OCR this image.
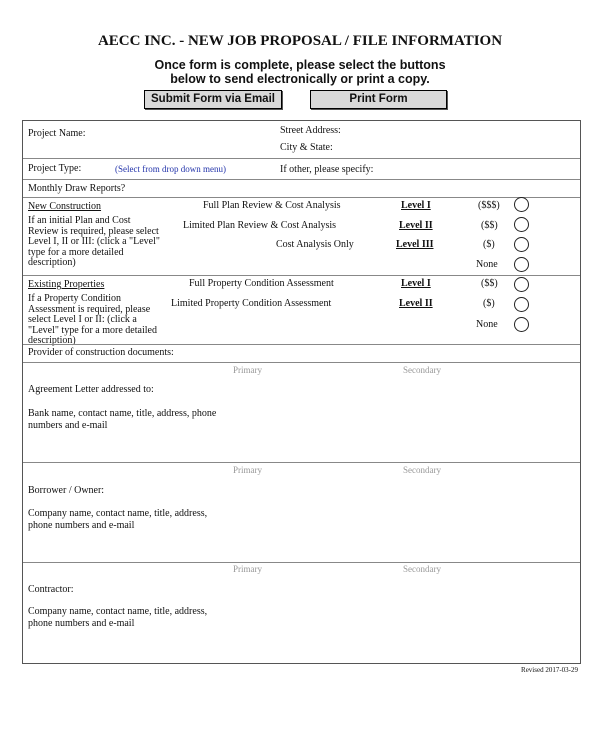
AECC INC. - NEW JOB PROPOSAL / FILE INFORMATION
Once form is complete, please select the buttons
below to send electronically or print a copy.
Submit Form via Email	Print Form
Project Name:	Street Address:
City & State:
Project Type:	(Select from drop down menu)	If other, please specify:
Monthly Draw Reports?
New Construction
If an initial Plan and Cost Review is required, please select Level I, II or III: (click a "Level" type for a more detailed description)
Full Plan Review & Cost Analysis	Level I	($$$)
Limited Plan Review & Cost Analysis	Level II	($$)
Cost Analysis Only	Level III	($)
None
Existing Properties
If a Property Condition Assessment is required, please select Level I or II: (click a "Level" type for a more detailed description)
Full Property Condition Assessment	Level I	($$)
Limited Property Condition Assessment	Level II	($)
None
Provider of construction documents:
Primary	Secondary
Agreement Letter addressed to:
Bank name, contact name, title, address, phone numbers and e-mail
Primary	Secondary
Borrower / Owner:
Company name, contact name, title, address, phone numbers and e-mail
Primary	Secondary
Contractor:
Company name, contact name, title, address, phone numbers and e-mail
Revised 2017-03-29
